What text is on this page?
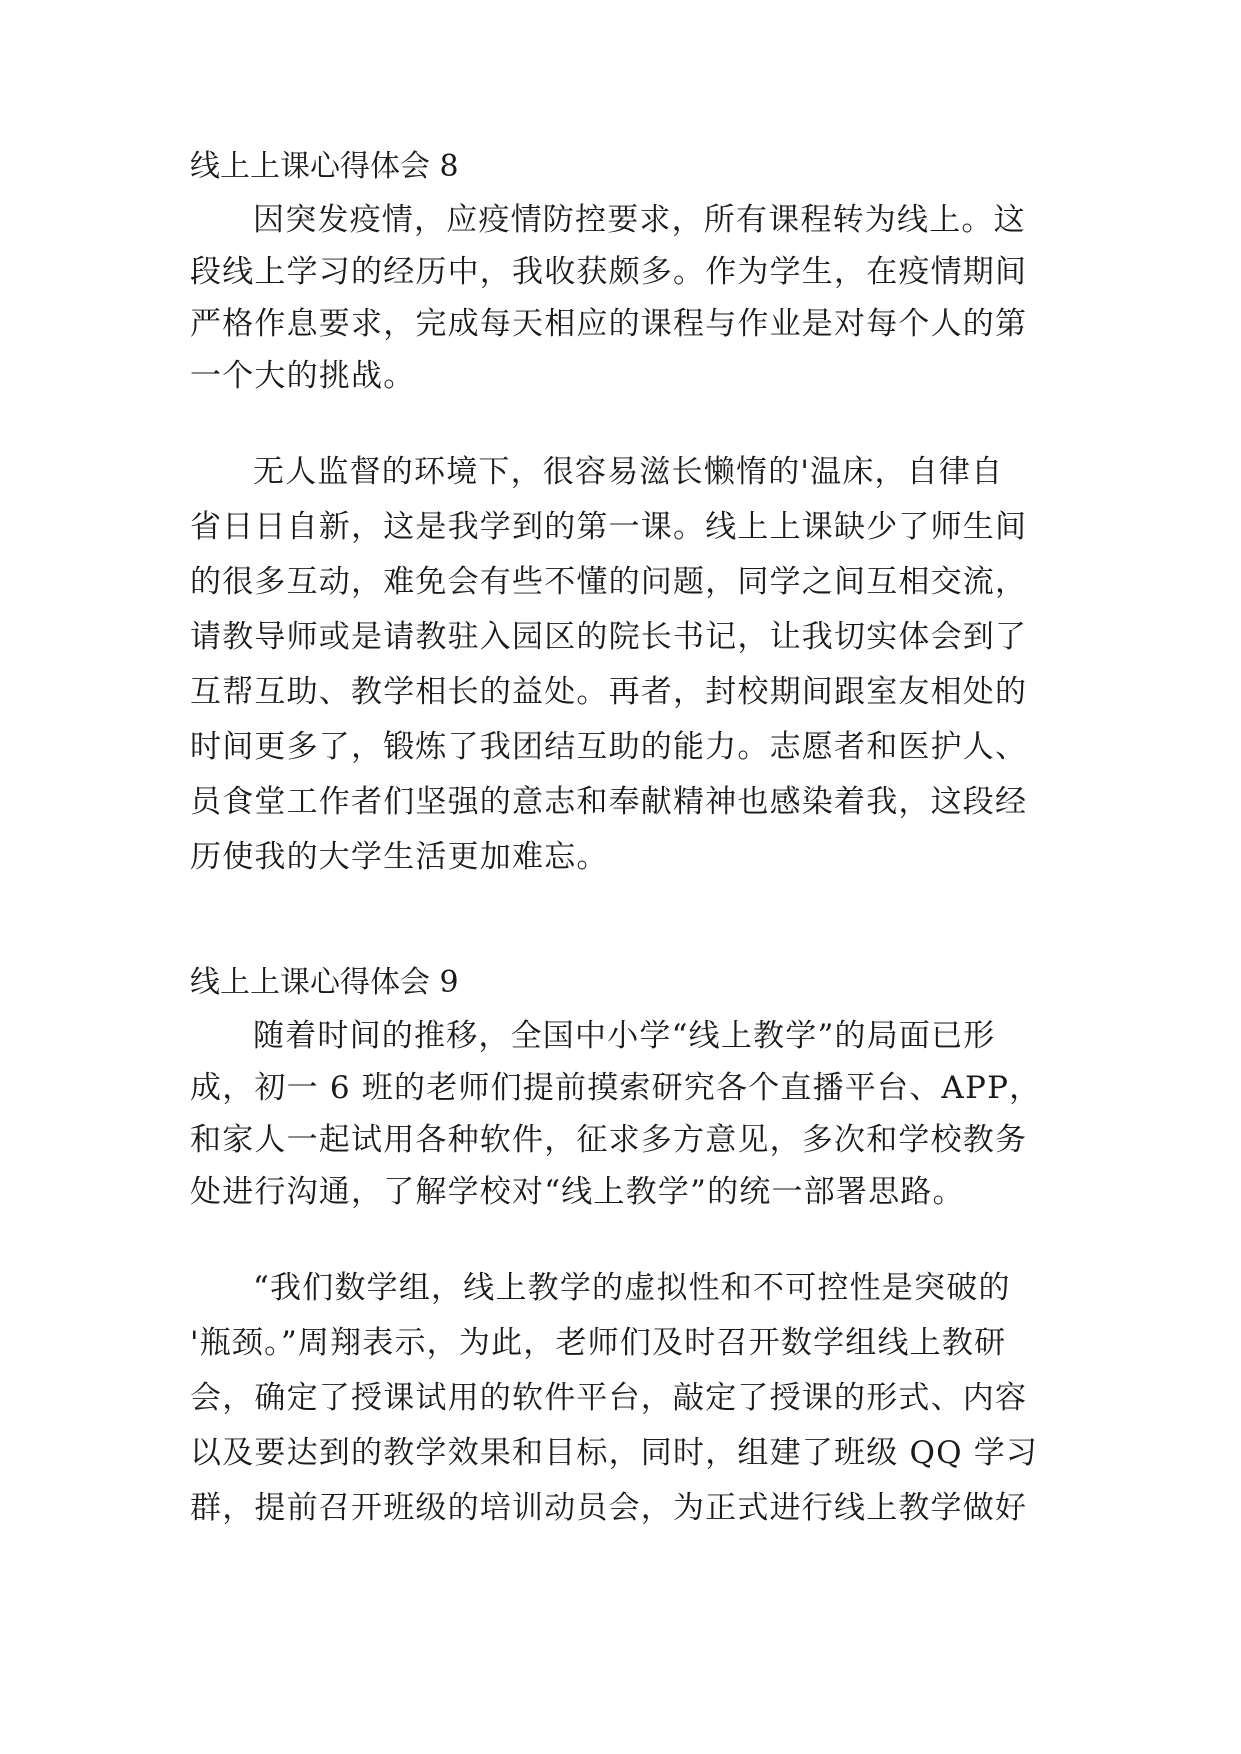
线上上课心得体会 8
因突发疫情，应疫情防控要求，所有课程转为线上。这
段线上学习的经历中，我收获颇多。作为学生，在疫情期间
严格作息要求，完成每天相应的课程与作业是对每个人的第
一个大的挑战。
无人监督的环境下，很容易滋长懒惰的'温床，自律自
省日日自新，这是我学到的第一课。线上上课缺少了师生间
的很多互动，难免会有些不懂的问题，同学之间互相交流，
请教导师或是请教驻入园区的院长书记，让我切实体会到了
互帮互助、教学相长的益处。再者，封校期间跟室友相处的
时间更多了，锻炼了我团结互助的能力。志愿者和医护人、
员食堂工作者们坚强的意志和奉献精神也感染着我，这段经
历使我的大学生活更加难忘。
线上上课心得体会 9
随着时间的推移，全国中小学“线上教学”的局面已形
成，初一 6 班的老师们提前摸索研究各个直播平台、APP，
和家人一起试用各种软件，征求多方意见，多次和学校教务
处进行沟通，了解学校对“线上教学”的统一部署思路。
“我们数学组，线上教学的虚拟性和不可控性是突破的
'瓶颈。”周翔表示，为此，老师们及时召开数学组线上教研
会，确定了授课试用的软件平台，敲定了授课的形式、内容
以及要达到的教学效果和目标，同时，组建了班级 QQ 学习
群，提前召开班级的培训动员会，为正式进行线上教学做好
